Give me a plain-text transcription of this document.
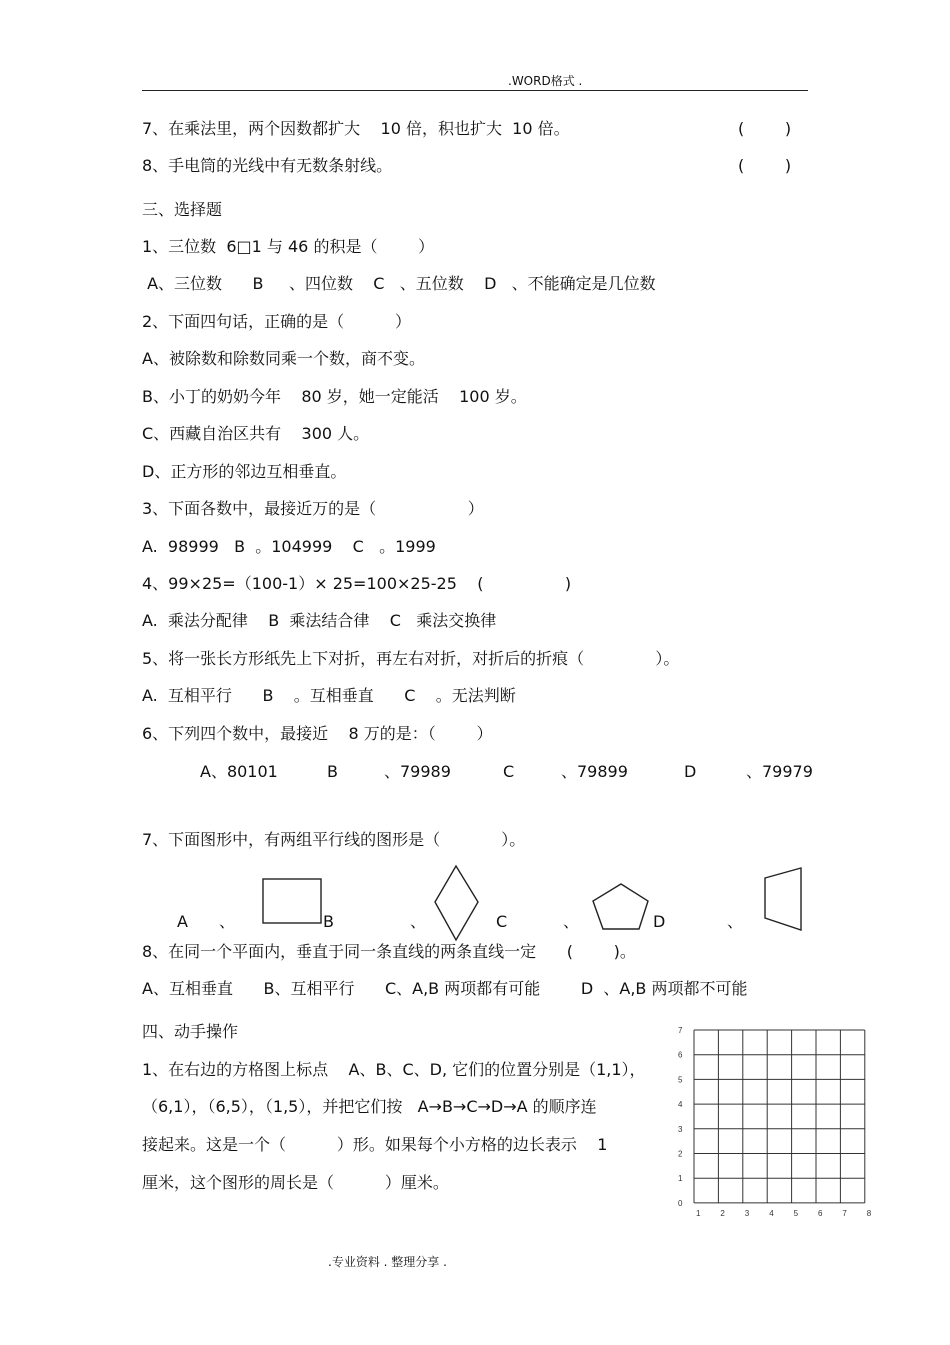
.WORD格式 .
7、在乘法里，两个因数都扩大    10 倍，积也扩大  10 倍。	(        )
8、手电筒的光线中有无数条射线。	(        )
三、选择题
1、三位数  6□1 与 46 的积是（        ）
A、三位数      B     、四位数    C   、五位数    D   、不能确定是几位数
2、下面四句话，正确的是（          ）
A、被除数和除数同乘一个数，商不变。
B、小丁的奶奶今年    80 岁，她一定能活    100 岁。
C、西藏自治区共有    300 人。
D、正方形的邻边互相垂直。
3、下面各数中，最接近万的是（                  ）
A.  98999   B  。104999    C   。1999
4、99×25=（100-1）× 25=100×25-25    (                )
A.  乘法分配律    B  乘法结合律    C   乘法交换律
5、将一张长方形纸先上下对折，再左右对折，对折后的折痕（              ）。
A.  互相平行      B    。互相垂直      C    。无法判断
6、下列四个数中，最接近    8 万的是：（        ）
A、80101	B	、79989	C	、79899	D	、79979
7、下面图形中，有两组平行线的图形是（            ）。
A 、	B	、	C	、	D	、
8、在同一个平面内，垂直于同一条直线的两条直线一定      (        )。
A、互相垂直      B、互相平行      C、A,B 两项都有可能        D  、A,B 两项都不可能
四、动手操作
1、在右边的方格图上标点    A、B、C、D, 它们的位置分别是（1,1），
（6,1），（6,5），（1,5），并把它们按   A→B→C→D→A 的顺序连
接起来。这是一个（          ）形。如果每个小方格的边长表示    1
厘米，这个图形的周长是（          ）厘米。
1 2 3 4 5 6 7 8
0
1
2
3
4
5
6
7
.专业资料 . 整理分享 .
